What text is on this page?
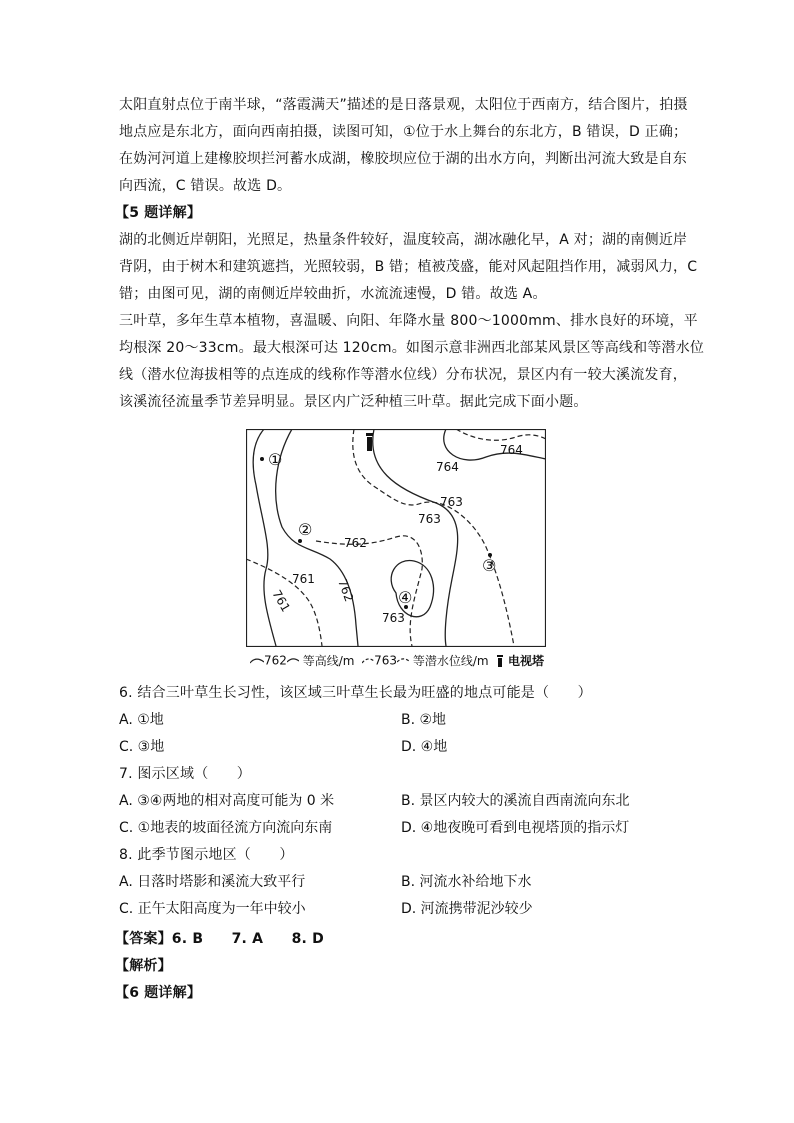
太阳直射点位于南半球，“落霞满天”描述的是日落景观，太阳位于西南方，结合图片，拍摄
地点应是东北方，面向西南拍摄，读图可知，①位于水上舞台的东北方，B 错误，D 正确；
在妫河河道上建橡胶坝拦河蓄水成湖，橡胶坝应位于湖的出水方向，判断出河流大致是自东
向西流，C 错误。故选 D。
【5 题详解】
湖的北侧近岸朝阳，光照足，热量条件较好，温度较高，湖冰融化早，A 对；湖的南侧近岸
背阴，由于树木和建筑遮挡，光照较弱，B 错；植被茂盛，能对风起阻挡作用，减弱风力，C
错；由图可见，湖的南侧近岸较曲折，水流流速慢，D 错。故选 A。
三叶草，多年生草本植物，喜温暖、向阳、年降水量 800～1000mm、排水良好的环境，平
均根深 20～33cm。最大根深可达 120cm。如图示意非洲西北部某风景区等高线和等潜水位
线（潜水位海拔相等的点连成的线称作等潜水位线）分布状况，景区内有一较大溪流发育，
该溪流径流量季节差异明显。景区内广泛种植三叶草。据此完成下面小题。
①
②
③
④
764
764
763
763
763
762
761 762
761
762 等高线/m 763 等潜水位线/m 电视塔
6. 结合三叶草生长习性，该区域三叶草生长最为旺盛的地点可能是（　　）
A. ①地	B. ②地
C. ③地	D. ④地
7. 图示区域（　　）
A. ③④两地的相对高度可能为 0 米	B. 景区内较大的溪流自西南流向东北
C. ①地表的坡面径流方向流向东南	D. ④地夜晚可看到电视塔顶的指示灯
8. 此季节图示地区（　　）
A. 日落时塔影和溪流大致平行	B. 河流水补给地下水
C. 正午太阳高度为一年中较小	D. 河流携带泥沙较少
【答案】6. B　　7. A　　8. D
【解析】
【6 题详解】
